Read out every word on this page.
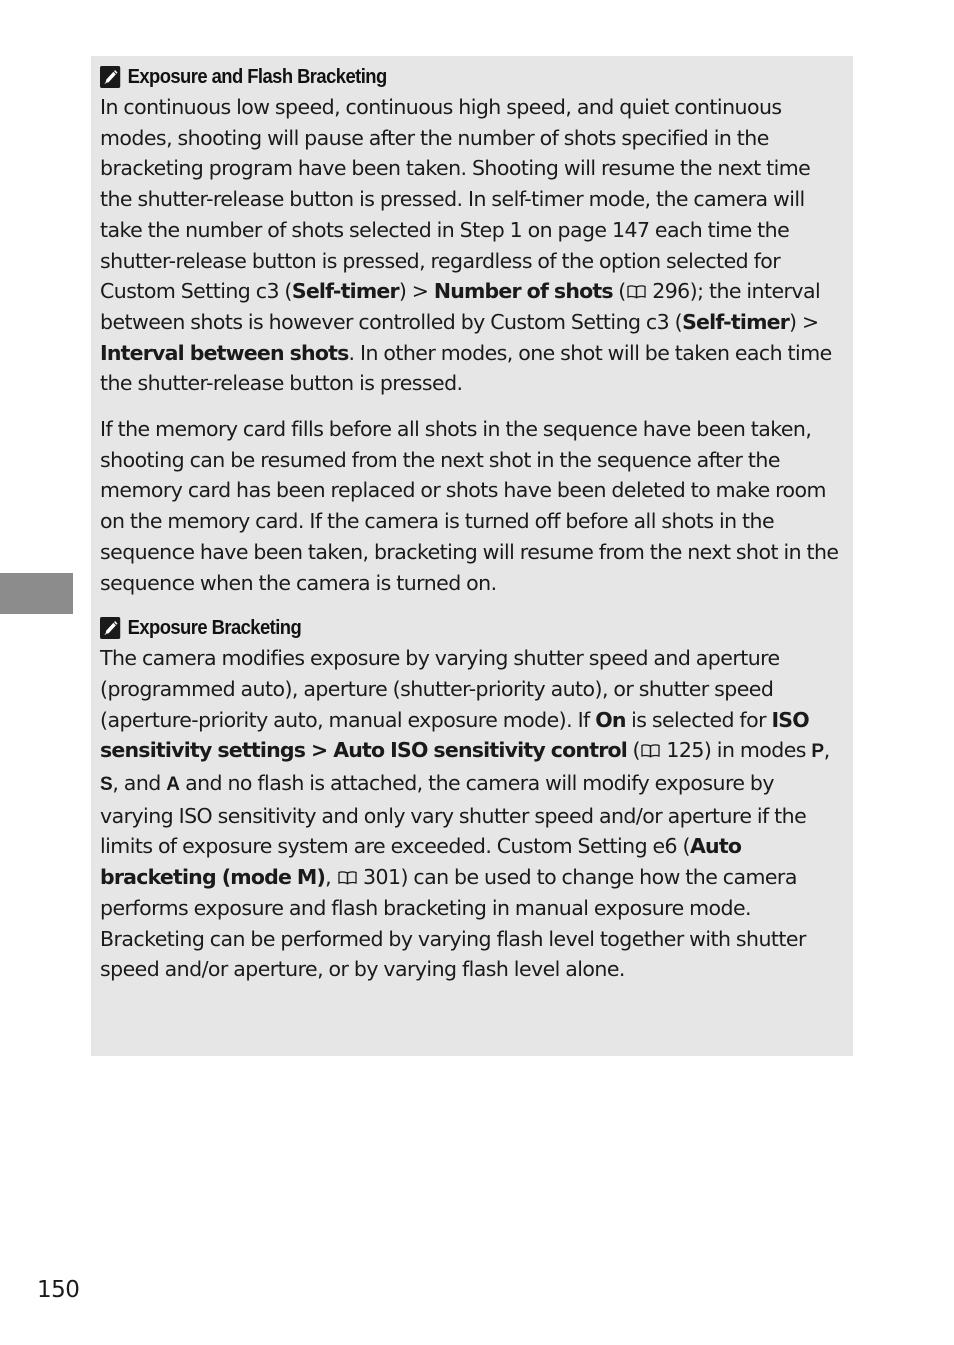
Exposure and Flash Bracketing

In continuous low speed, continuous high speed, and quiet continuous modes, shooting will pause after the number of shots specified in the bracketing program have been taken. Shooting will resume the next time the shutter-release button is pressed. In self-timer mode, the camera will take the number of shots selected in Step 1 on page 147 each time the shutter-release button is pressed, regardless of the option selected for Custom Setting c3 (Self-timer) > Number of shots ( 296); the interval between shots is however controlled by Custom Setting c3 (Self-timer) > Interval between shots. In other modes, one shot will be taken each time the shutter-release button is pressed.

If the memory card fills before all shots in the sequence have been taken, shooting can be resumed from the next shot in the sequence after the memory card has been replaced or shots have been deleted to make room on the memory card. If the camera is turned off before all shots in the sequence have been taken, bracketing will resume from the next shot in the sequence when the camera is turned on.

Exposure Bracketing

The camera modifies exposure by varying shutter speed and aperture (programmed auto), aperture (shutter-priority auto), or shutter speed (aperture-priority auto, manual exposure mode). If On is selected for ISO sensitivity settings > Auto ISO sensitivity control ( 125) in modes P, S, and A and no flash is attached, the camera will modify exposure by varying ISO sensitivity and only vary shutter speed and/or aperture if the limits of exposure system are exceeded. Custom Setting e6 (Auto bracketing (mode M),  301) can be used to change how the camera performs exposure and flash bracketing in manual exposure mode. Bracketing can be performed by varying flash level together with shutter speed and/or aperture, or by varying flash level alone.

150
